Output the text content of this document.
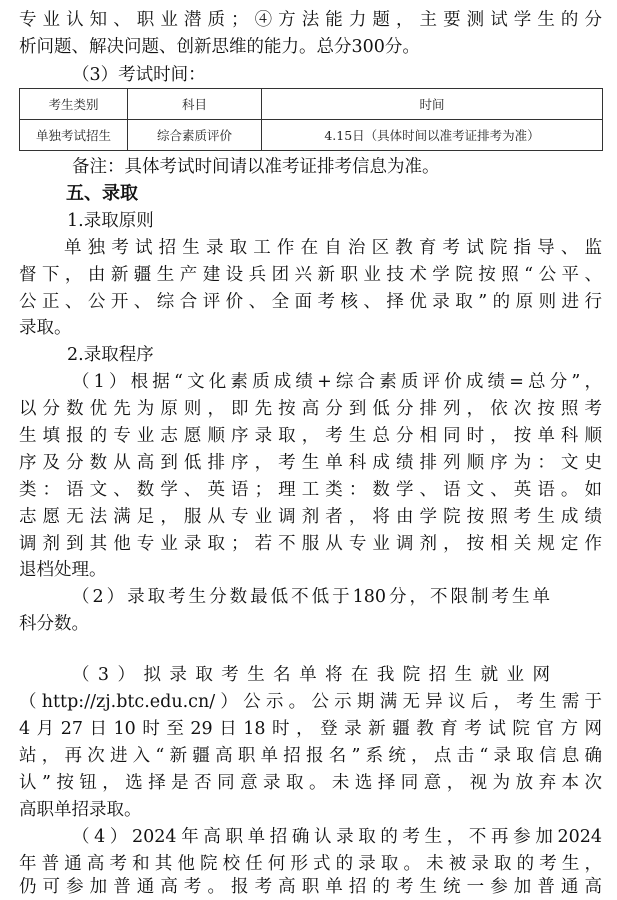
专业认知、职业潜质；④方法能力题，主要测试学生的分
析问题、解决问题、创新思维的能力。总分300分。
（3）考试时间：
考生类别	科目	时间
单独考试招生	综合素质评价	4.15日（具体时间以准考证排考为准）
备注：具体考试时间请以准考证排考信息为准。
五、录取
1.录取原则
单独考试招生录取工作在自治区教育考试院指导、监
督下，由新疆生产建设兵团兴新职业技术学院按照“公平、
公正、公开、综合评价、全面考核、择优录取”的原则进行
录取。
2.录取程序
（1）根据“文化素质成绩+综合素质评价成绩=总分”，
以分数优先为原则，即先按高分到低分排列，依次按照考
生填报的专业志愿顺序录取，考生总分相同时，按单科顺
序及分数从高到低排序，考生单科成绩排列顺序为：文史
类：语文、数学、英语；理工类：数学、语文、英语。如
志愿无法满足，服从专业调剂者，将由学院按照考生成绩
调剂到其他专业录取；若不服从专业调剂，按相关规定作
退档处理。
（2）录取考生分数最低不低于180分，不限制考生单
科分数。
（3）拟录取考生名单将在我院招生就业网
（http://zj.btc.edu.cn/）公示。公示期满无异议后，考生需于
4月27日10时至29日18时，登录新疆教育考试院官方网
站，再次进入“新疆高职单招报名”系统，点击“录取信息确
认”按钮，选择是否同意录取。未选择同意，视为放弃本次
高职单招录取。
（4）2024年高职单招确认录取的考生，不再参加2024
年普通高考和其他院校任何形式的录取。未被录取的考生，
仍可参加普通高考。报考高职单招的考生统一参加普通高
